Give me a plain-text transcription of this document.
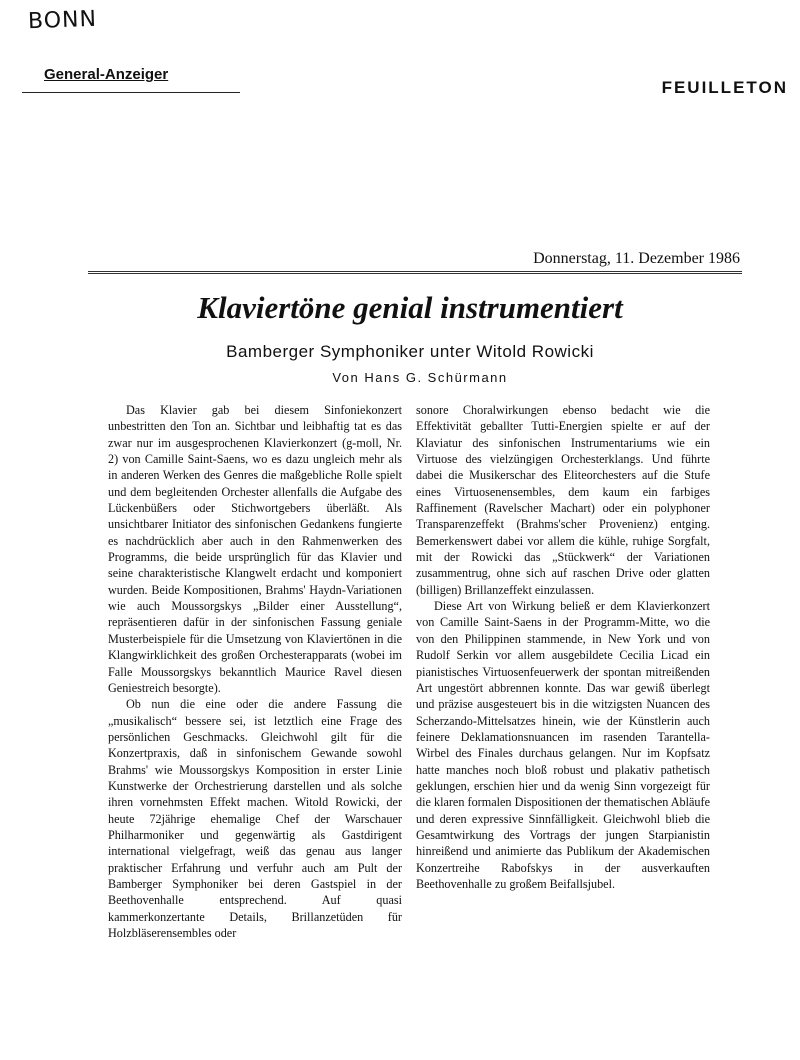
BONN
General-Anzeiger
FEUILLETON
Donnerstag, 11. Dezember 1986
Klaviertöne genial instrumentiert
Bamberger Symphoniker unter Witold Rowicki
Von Hans G. Schürmann

Das Klavier gab bei diesem Sinfoniekonzert unbestritten den Ton an. Sichtbar und leibhaftig tat es das zwar nur im ausgesprochenen Klavierkonzert (g-moll, Nr. 2) von Camille Saint-Saens, wo es dazu ungleich mehr als in anderen Werken des Genres die maßgebliche Rolle spielt und dem begleitenden Orchester allenfalls die Aufgabe des Lückenbüßers oder Stichwortgebers überläßt. Als unsichtbarer Initiator des sinfonischen Gedankens fungierte es nachdrücklich aber auch in den Rahmenwerken des Programms, die beide ursprünglich für das Klavier und seine charakteristische Klangwelt erdacht und komponiert wurden. Beide Kompositionen, Brahms' Haydn-Variationen wie auch Moussorgskys „Bilder einer Ausstellung“, repräsentieren dafür in der sinfonischen Fassung geniale Musterbeispiele für die Umsetzung von Klaviertönen in die Klangwirklichkeit des großen Orchesterapparats (wobei im Falle Moussorgskys bekanntlich Maurice Ravel diesen Geniestreich besorgte).

Ob nun die eine oder die andere Fassung die „musikalisch“ bessere sei, ist letztlich eine Frage des persönlichen Geschmacks. Gleichwohl gilt für die Konzertpraxis, daß in sinfonischem Gewande sowohl Brahms' wie Moussorgskys Komposition in erster Linie Kunstwerke der Orchestrierung darstellen und als solche ihren vornehmsten Effekt machen. Witold Rowicki, der heute 72jährige ehemalige Chef der Warschauer Philharmoniker und gegenwärtig als Gastdirigent international vielgefragt, weiß das genau aus langer praktischer Erfahrung und verfuhr auch am Pult der Bamberger Symphoniker bei deren Gastspiel in der Beethovenhalle entsprechend. Auf quasi kammerkonzertante Details, Brillanzetüden für Holzbläserensembles oder

sonore Choralwirkungen ebenso bedacht wie die Effektivität geballter Tutti-Energien spielte er auf der Klaviatur des sinfonischen Instrumentariums wie ein Virtuose des vielzüngigen Orchesterklangs. Und führte dabei die Musikerschar des Eliteorchesters auf die Stufe eines Virtuosenensembles, dem kaum ein farbiges Raffinement (Ravelscher Machart) oder ein polyphoner Transparenzeffekt (Brahms'scher Provenienz) entging. Bemerkenswert dabei vor allem die kühle, ruhige Sorgfalt, mit der Rowicki das „Stückwerk“ der Variationen zusammentrug, ohne sich auf raschen Drive oder glatten (billigen) Brillanzeffekt einzulassen.

Diese Art von Wirkung beließ er dem Klavierkonzert von Camille Saint-Saens in der Programm-Mitte, wo die von den Philippinen stammende, in New York und von Rudolf Serkin vor allem ausgebildete Cecilia Licad ein pianistisches Virtuosenfeuerwerk der spontan mitreißenden Art ungestört abbrennen konnte. Das war gewiß überlegt und präzise ausgesteuert bis in die witzigsten Nuancen des Scherzando-Mittelsatzes hinein, wie der Künstlerin auch feinere Deklamationsnuancen im rasenden Tarantella-Wirbel des Finales durchaus gelangen. Nur im Kopfsatz hatte manches noch bloß robust und plakativ pathetisch geklungen, erschien hier und da wenig Sinn vorgezeigt für die klaren formalen Dispositionen der thematischen Abläufe und deren expressive Sinnfälligkeit. Gleichwohl blieb die Gesamtwirkung des Vortrags der jungen Starpianistin hinreißend und animierte das Publikum der Akademischen Konzertreihe Rabofskys in der ausverkauften Beethovenhalle zu großem Beifallsjubel.
